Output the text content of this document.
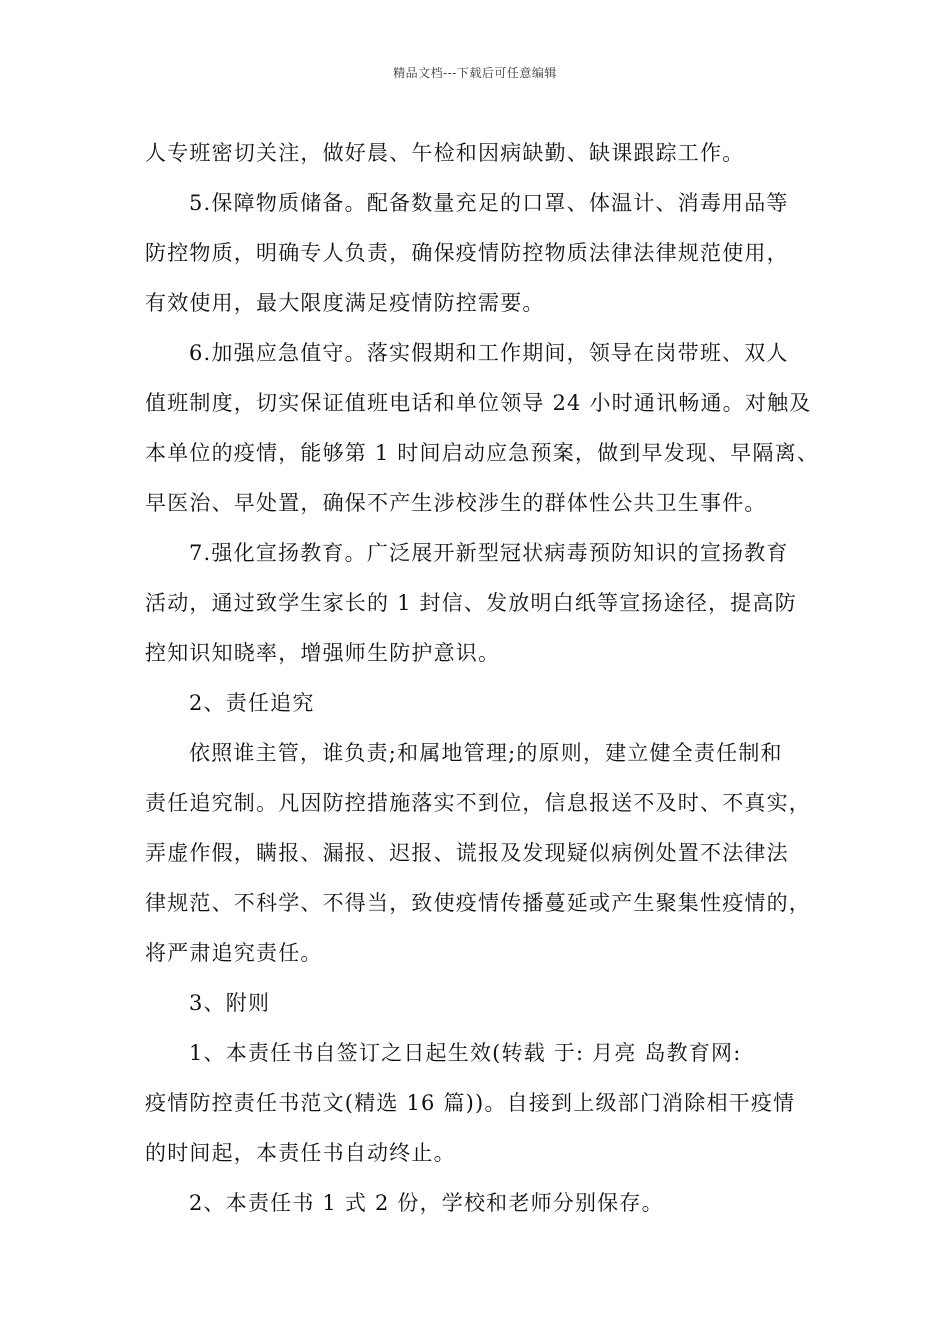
精品文档---下载后可任意编辑
人专班密切关注，做好晨、午检和因病缺勤、缺课跟踪工作。
5.保障物质储备。配备数量充足的口罩、体温计、消毒用品等
防控物质，明确专人负责，确保疫情防控物质法律法律规范使用，
有效使用，最大限度满足疫情防控需要。
6.加强应急值守。落实假期和工作期间，领导在岗带班、双人
值班制度，切实保证值班电话和单位领导 24 小时通讯畅通。对触及
本单位的疫情，能够第 1 时间启动应急预案，做到早发现、早隔离、
早医治、早处置，确保不产生涉校涉生的群体性公共卫生事件。
7.强化宣扬教育。广泛展开新型冠状病毒预防知识的宣扬教育
活动，通过致学生家长的 1 封信、发放明白纸等宣扬途径，提高防
控知识知晓率，增强师生防护意识。
2、责任追究
依照谁主管，谁负责;和属地管理;的原则，建立健全责任制和
责任追究制。凡因防控措施落实不到位，信息报送不及时、不真实，
弄虚作假，瞒报、漏报、迟报、谎报及发现疑似病例处置不法律法
律规范、不科学、不得当，致使疫情传播蔓延或产生聚集性疫情的，
将严肃追究责任。
3、附则
1、本责任书自签订之日起生效(转载 于: 月亮 岛教育网:
疫情防控责任书范文(精选 16 篇))。自接到上级部门消除相干疫情
的时间起，本责任书自动终止。
2、本责任书 1 式 2 份，学校和老师分别保存。
